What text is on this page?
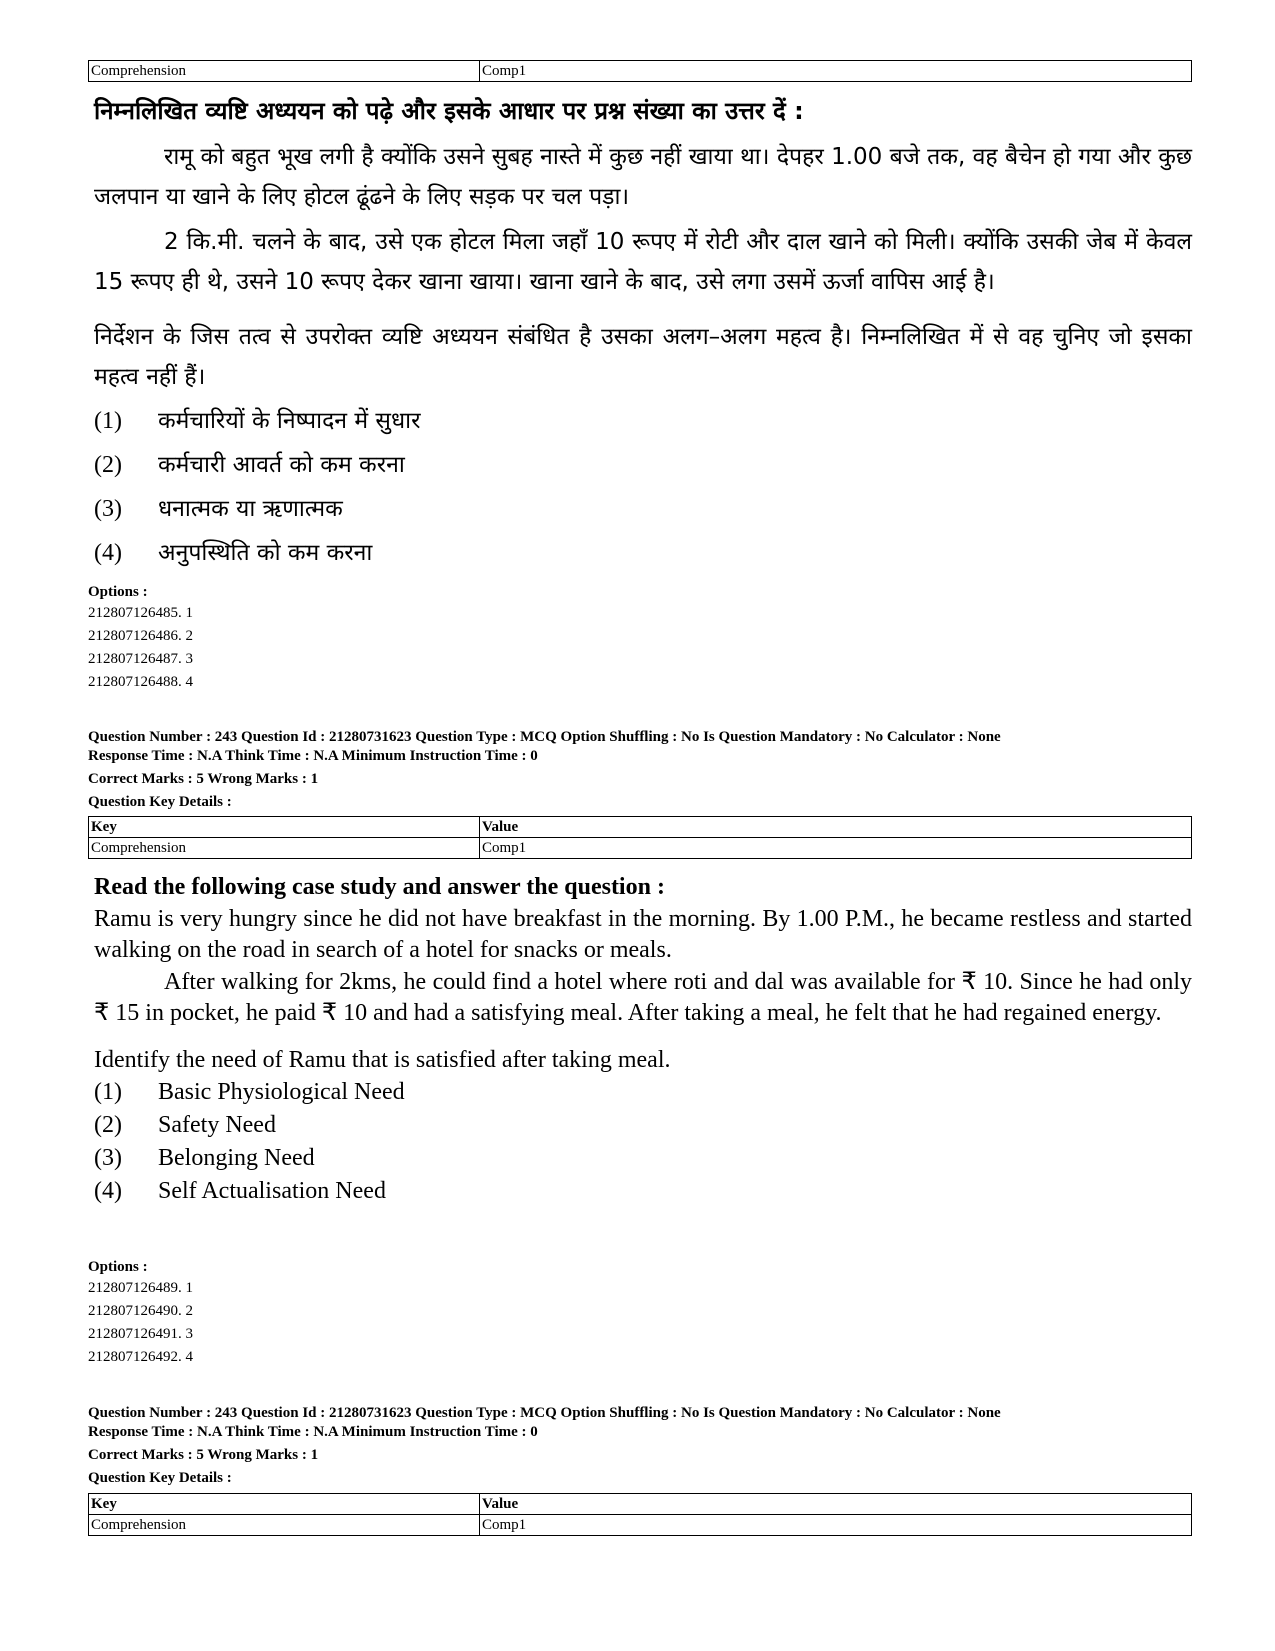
Comprehension	Comp1

निम्नलिखित व्यष्टि अध्ययन को पढ़े और इसके आधार पर प्रश्न संख्या का उत्तर दें :

रामू को बहुत भूख लगी है क्योंकि उसने सुबह नास्ते में कुछ नहीं खाया था। देपहर 1.00 बजे तक, वह बैचेन हो गया और कुछ जलपान या खाने के लिए होटल ढूंढने के लिए सड़क पर चल पड़ा।

2 कि.मी. चलने के बाद, उसे एक होटल मिला जहाँ 10 रूपए में रोटी और दाल खाने को मिली। क्योंकि उसकी जेब में केवल 15 रूपए ही थे, उसने 10 रूपए देकर खाना खाया। खाना खाने के बाद, उसे लगा उसमें ऊर्जा वापिस आई है।

निर्देशन के जिस तत्व से उपरोक्त व्यष्टि अध्ययन संबंधित है उसका अलग–अलग महत्व है। निम्नलिखित में से वह चुनिए जो इसका महत्व नहीं हैं।

(1)	कर्मचारियों के निष्पादन में सुधार
(2)	कर्मचारी आवर्त को कम करना
(3)	धनात्मक या ऋणात्मक
(4)	अनुपस्थिति को कम करना

Options :

212807126485. 1

212807126486. 2

212807126487. 3

212807126488. 4

Question Number : 243 Question Id : 21280731623 Question Type : MCQ Option Shuffling : No Is Question Mandatory : No Calculator : None

Response Time : N.A Think Time : N.A Minimum Instruction Time : 0

Correct Marks : 5 Wrong Marks : 1

Question Key Details :

Key	Value
Comprehension	Comp1

Read the following case study and answer the question :

Ramu is very hungry since he did not have breakfast in the morning. By 1.00 P.M., he became restless and started walking on the road in search of a hotel for snacks or meals.

After walking for 2kms, he could find a hotel where roti and dal was available for ₹ 10. Since he had only ₹ 15 in pocket, he paid ₹ 10 and had a satisfying meal. After taking a meal, he felt that he had regained energy.

Identify the need of Ramu that is satisfied after taking meal.

(1)	Basic Physiological Need
(2)	Safety Need
(3)	Belonging Need
(4)	Self Actualisation Need

Options :

212807126489. 1

212807126490. 2

212807126491. 3

212807126492. 4

Question Number : 243 Question Id : 21280731623 Question Type : MCQ Option Shuffling : No Is Question Mandatory : No Calculator : None

Response Time : N.A Think Time : N.A Minimum Instruction Time : 0

Correct Marks : 5 Wrong Marks : 1

Question Key Details :

Key	Value
Comprehension	Comp1
